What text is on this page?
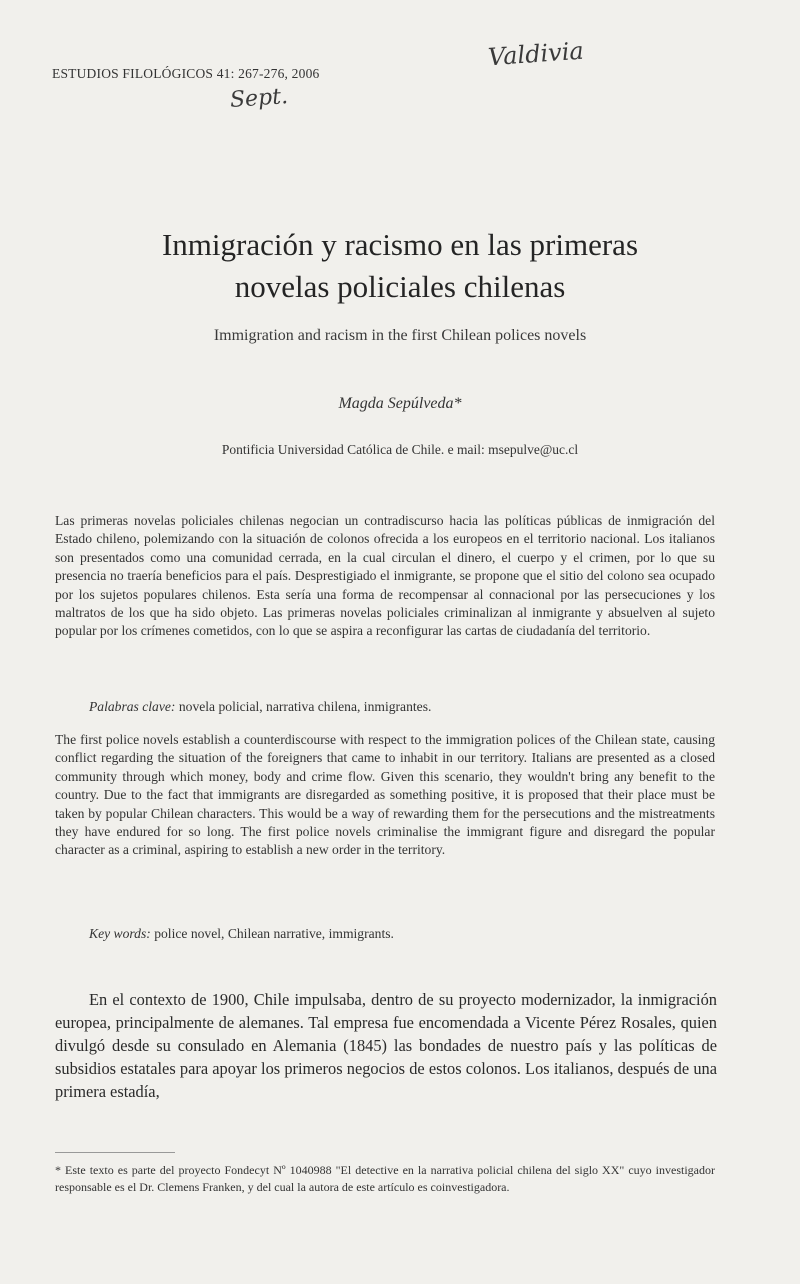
ESTUDIOS FILOLÓGICOS 41: 267-276, 2006
Valdivia
Sept.
Inmigración y racismo en las primeras
novelas policiales chilenas
Immigration and racism in the first Chilean polices novels
Magda Sepúlveda*
Pontificia Universidad Católica de Chile. e mail: msepulve@uc.cl

Las primeras novelas policiales chilenas negocian un contradiscurso hacia las políticas públicas de inmigración del Estado chileno, polemizando con la situación de colonos ofrecida a los europeos en el territorio nacional. Los italianos son presentados como una comunidad cerrada, en la cual circulan el dinero, el cuerpo y el crimen, por lo que su presencia no traería beneficios para el país. Desprestigiado el inmigrante, se propone que el sitio del colono sea ocupado por los sujetos populares chilenos. Esta sería una forma de recompensar al connacional por las persecuciones y los maltratos de los que ha sido objeto. Las primeras novelas policiales criminalizan al inmigrante y absuelven al sujeto popular por los crímenes cometidos, con lo que se aspira a reconfigurar las cartas de ciudadanía del territorio.

Palabras clave: novela policial, narrativa chilena, inmigrantes.

The first police novels establish a counterdiscourse with respect to the immigration polices of the Chilean state, causing conflict regarding the situation of the foreigners that came to inhabit in our territory. Italians are presented as a closed community through which money, body and crime flow. Given this scenario, they wouldn't bring any benefit to the country. Due to the fact that immigrants are disregarded as something positive, it is proposed that their place must be taken by popular Chilean characters. This would be a way of rewarding them for the persecutions and the mistreatments they have endured for so long. The first police novels criminalise the immigrant figure and disregard the popular character as a criminal, aspiring to establish a new order in the territory.

Key words: police novel, Chilean narrative, immigrants.

En el contexto de 1900, Chile impulsaba, dentro de su proyecto modernizador, la inmigración europea, principalmente de alemanes. Tal empresa fue encomendada a Vicente Pérez Rosales, quien divulgó desde su consulado en Alemania (1845) las bondades de nuestro país y las políticas de subsidios estatales para apoyar los primeros negocios de estos colonos. Los italianos, después de una primera estadía,

* Este texto es parte del proyecto Fondecyt Nº 1040988 "El detective en la narrativa policial chilena del siglo XX" cuyo investigador responsable es el Dr. Clemens Franken, y del cual la autora de este artículo es coinvestigadora.
